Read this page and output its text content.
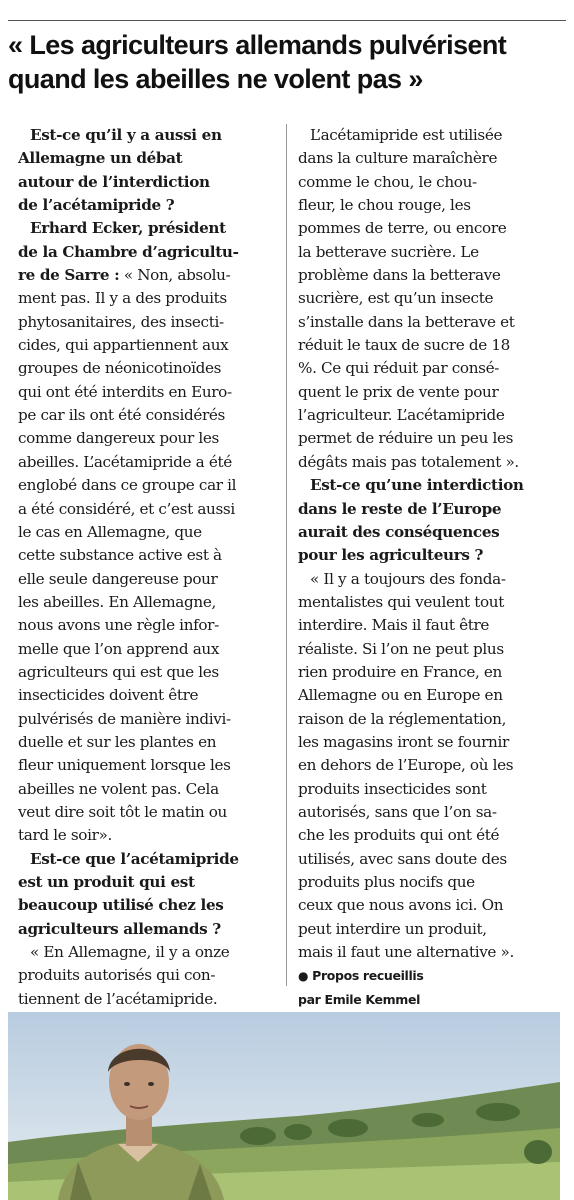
« Les agriculteurs allemands pulvérisent
quand les abeilles ne volent pas »
Est-ce qu’il y a aussi en
Allemagne un débat
autour de l’interdiction
de l’acétamipride ?
Erhard Ecker, président
de la Chambre d’agricultu-
re de Sarre : « Non, absolu-
ment pas. Il y a des produits
phytosanitaires, des insecti-
cides, qui appartiennent aux
groupes de néonicotinoïdes
qui ont été interdits en Euro-
pe car ils ont été considérés
comme dangereux pour les
abeilles. L’acétamipride a été
englobé dans ce groupe car il
a été considéré, et c’est aussi
le cas en Allemagne, que
cette substance active est à
elle seule dangereuse pour
les abeilles. En Allemagne,
nous avons une règle infor-
melle que l’on apprend aux
agriculteurs qui est que les
insecticides doivent être
pulvérisés de manière indivi-
duelle et sur les plantes en
fleur uniquement lorsque les
abeilles ne volent pas. Cela
veut dire soit tôt le matin ou
tard le soir».
Est-ce que l’acétamipride
est un produit qui est
beaucoup utilisé chez les
agriculteurs allemands ?
« En Allemagne, il y a onze
produits autorisés qui con-
tiennent de l’acétamipride.
L’acétamipride est utilisée
dans la culture maraîchère
comme le chou, le chou-
fleur, le chou rouge, les
pommes de terre, ou encore
la betterave sucrière. Le
problème dans la betterave
sucrière, est qu’un insecte
s’installe dans la betterave et
réduit le taux de sucre de 18
%. Ce qui réduit par consé-
quent le prix de vente pour
l’agriculteur. L’acétamipride
permet de réduire un peu les
dégâts mais pas totalement ».
Est-ce qu’une interdiction
dans le reste de l’Europe
aurait des conséquences
pour les agriculteurs ?
« Il y a toujours des fonda-
mentalistes qui veulent tout
interdire. Mais il faut être
réaliste. Si l’on ne peut plus
rien produire en France, en
Allemagne ou en Europe en
raison de la réglementation,
les magasins iront se fournir
en dehors de l’Europe, où les
produits insecticides sont
autorisés, sans que l’on sa-
che les produits qui ont été
utilisés, avec sans doute des
produits plus nocifs que
ceux que nous avons ici. On
peut interdire un produit,
mais il faut une alternative ».
● Propos recueillis
par Emile Kemmel
